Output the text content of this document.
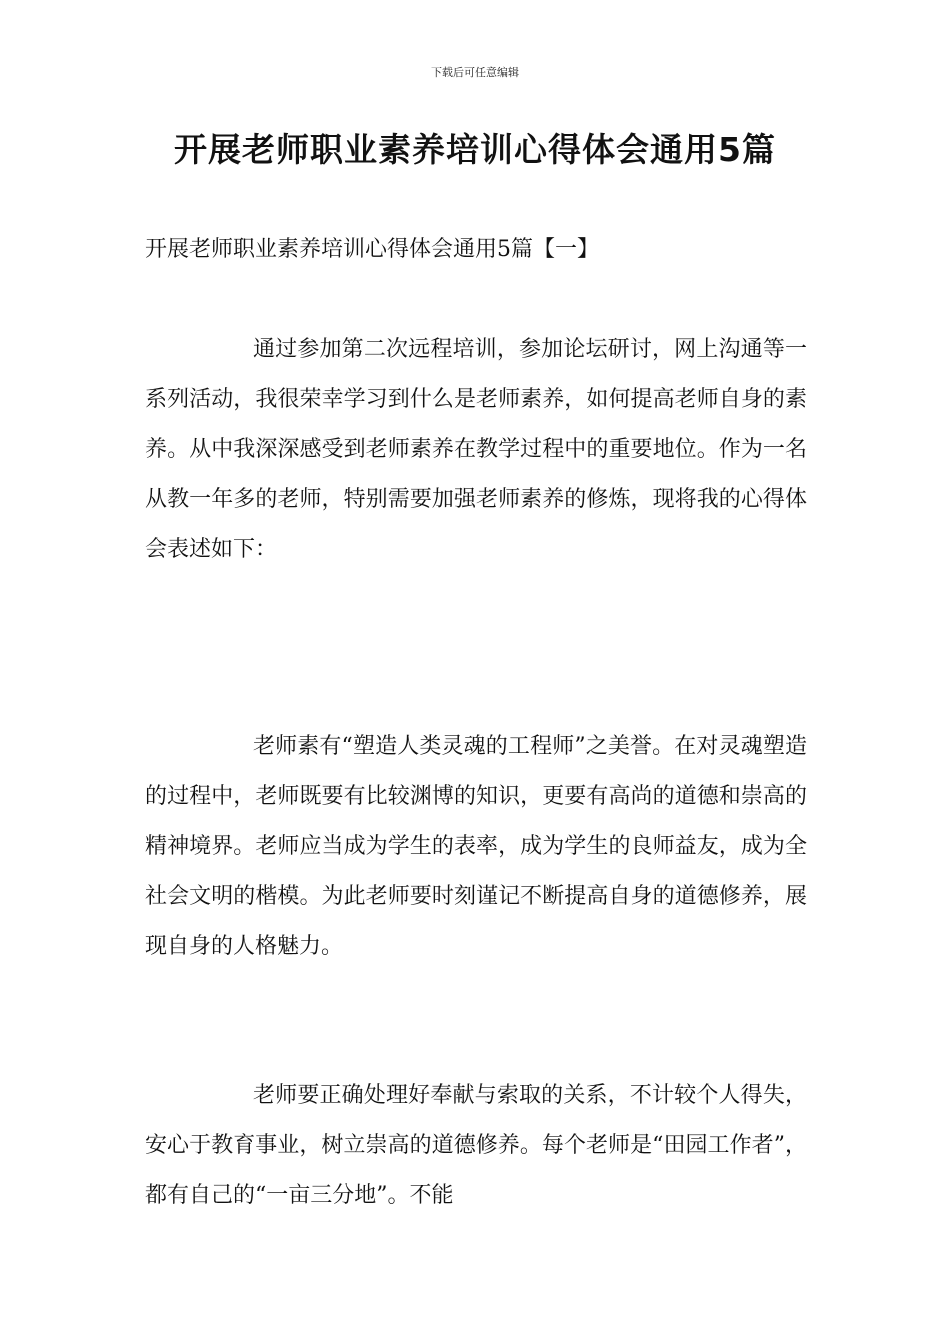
下载后可任意编辑
开展老师职业素养培训心得体会通用5篇
开展老师职业素养培训心得体会通用5篇【一】

通过参加第二次远程培训，参加论坛研讨，网上沟通等一系列活动，我很荣幸学习到什么是老师素养，如何提高老师自身的素养。从中我深深感受到老师素养在教学过程中的重要地位。作为一名从教一年多的老师，特别需要加强老师素养的修炼，现将我的心得体会表述如下：

老师素有“塑造人类灵魂的工程师”之美誉。在对灵魂塑造的过程中，老师既要有比较渊博的知识，更要有高尚的道德和崇高的精神境界。老师应当成为学生的表率，成为学生的良师益友，成为全社会文明的楷模。为此老师要时刻谨记不断提高自身的道德修养，展现自身的人格魅力。

老师要正确处理好奉献与索取的关系，不计较个人得失，安心于教育事业，树立崇高的道德修养。每个老师是“田园工作者”，都有自己的“一亩三分地”。不能
